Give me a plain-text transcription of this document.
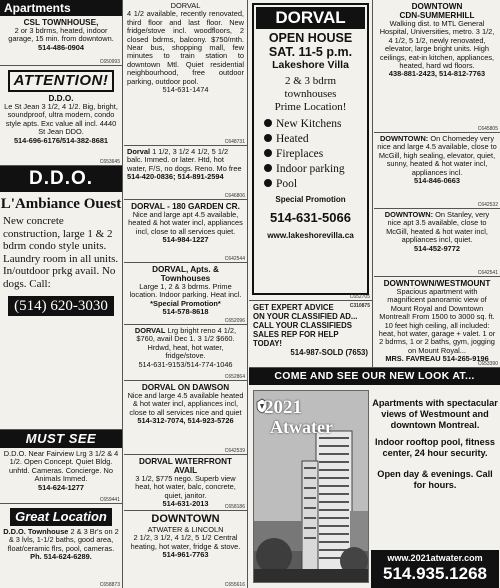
Apartments
CSL TOWNHOUSE,
2 or 3 bdrms, heated, indoor garage, 15 min. from downtown.
514-486-0904
C650993
ATTENTION!
D.D.O.
Le St Jean 3 1/2, 4 1/2. Big, bright, soundproof, ultra modern, condo style apts. Exc value all incl. 4440 St Jean DDO.
514-696-6176/514-382-8681
C653645
D.D.O.
L'Ambiance Ouest
New concrete construction, large 1 & 2 bdrm condo style units. Laundry room in all units. In/outdoor prkg avail. No dogs. Call:
(514) 620-3030
MUST SEE
D.D.O. Near Fairview Lrg 3 1/2 & 4 1/2. Open Concept. Quiet Bldg. unhtd. Cameras. Concierge. No Animals Immed.
514-624-1277
C659441
Great Location
D.D.O. Townhouse 2 & 3 Br's on 2 & 3 lvls, 1-1/2 baths, good area, float/ceramic flrs, pool, cameras.
Ph. 514-624-6289.
C658873
DORVAL
4 1/2 available, recently renovated, third floor and last floor. New fridge/stove incl. woodfloors, 2 closed bdrms, balcony. $750/mth. Near bus, shopping mall, few minutes to train station to downtown Mtl. Quiet residential neighbourhood, free outdoor parking, outdoor pool.
514-631-1474
C648731
Dorval 1 1/2, 3 1/2 4 1/2, 5 1/2 balc. Immed. or later. Htd, hot water, F/S, no dogs. Reno. Mo free
514-420-0836; 514-891-2594
C646806
DORVAL - 180 GARDEN CR.
Nice and large apt 4.5 available, heated & hot water incl, appliances incl, close to all services quiet.
514-984-1227
C642544
DORVAL, Apts. & Townhouses
Large 1, 2 & 3 bdrms. Prime location. Indoor parking. Heat incl.
*Special Promotion*
514-578-8618
C652096
DORVAL Lrg bright reno 4 1/2, $760, avail Dec 1. 3 1/2 $660. Hrdwd, heat, hot water, fridge/stove.
514-631-9153/514-774-1046
C652864
DORVAL ON DAWSON
Nice and large 4.5 available heated & hot water incl, appliances incl, close to all services nice and quiet
514-312-7074, 514-923-5726
C642539
DORVAL WATERFRONT AVAIL
3 1/2, $775 nego. Superb view heat, hot water, balc, concrete, quiet, janitor.
514-631-2013	C658186
DOWNTOWN
ATWATER & LINCOLN
2 1/2, 3 1/2, 4 1/2, 5 1/2 Central heating, hot water, fridge & stove.
514-961-7763
C655616
DORVAL
OPEN HOUSE
SAT. 11-5 p.m.
Lakeshore Villa
2 & 3 bdrm townhouses
Prime Location!
New Kitchens
Heated
Fireplaces
Indoor parking
Pool
Special Promotion
514-631-5066
www.lakeshorevilla.ca
C652705
GET EXPERT ADVICE
ON YOUR CLASSIFIED AD...
CALL YOUR CLASSIFIEDS
SALES REP FOR HELP TODAY!
514-987-SOLD (7653)
C310875
DOWNTOWN
CDN-SUMMERHILL
Walking dist. to MTL General Hospital, Universities, metro. 3 1/2, 4 1/2, 5 1/2, newly renovated, elevator, large bright units. High ceilings, eat-in kitchen, appliances, heated, hard wd floors.
438-881-2423, 514-812-7763
C645805
DOWNTOWN: On Chomedey very nice and large 4.5 available, close to McGill, high sealing, elevator, quiet, sunny, heated & hot water incl, appliances incl.
514-846-0663
C642532
DOWNTOWN: On Stanley, very nice apt 3.5 available, close to McGill, heated & hot water incl, appliances incl, quiet.
514-452-9772
C642541
DOWNTOWN/WESTMOUNT
Spacious apartment with magnificent panoramic view of Mount Royal and Downtown Montreal! From 1500 to 3000 sq. ft. 10 feet high ceiling, all included: heat, hot water, garage + valet. 1 or 2 bdrms, 1 or 2 baths, gym, jogging on Mount Royal...
MRS. FAVREAU 514-265-9196
C653390
COME AND SEE OUR NEW LOOK AT...
2021
Atwater
Apartments with spectacular views of Westmount and downtown Montreal.
Indoor rooftop pool, fitness center, 24 hour security.
Open day & evenings. Call for hours.
www.2021atwater.com
514.935.1268
